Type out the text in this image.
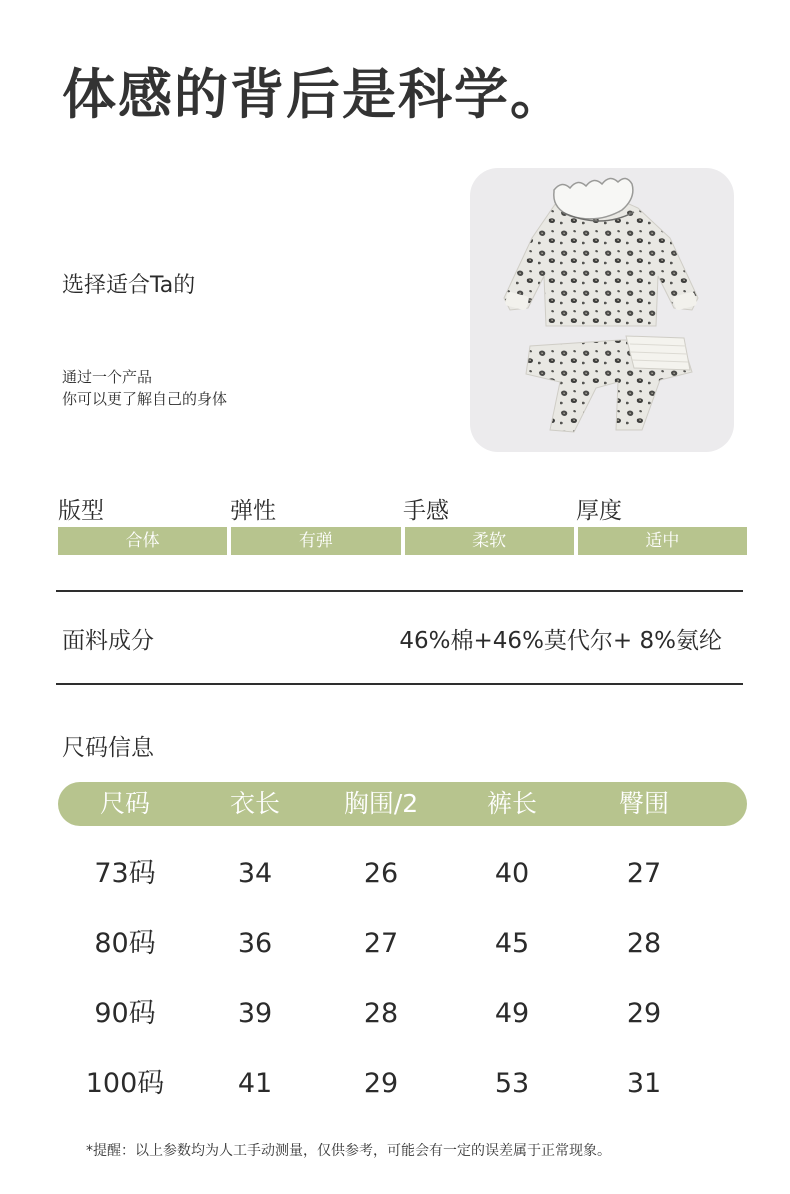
体感的背后是科学。
选择适合Ta的
通过一个产品
你可以更了解自己的身体
版型	弹性	手感	厚度
合体	有弹	柔软	适中
面料成分	46%棉+46%莫代尔+ 8%氨纶
尺码信息
尺码	衣长	胸围/2	裤长	臀围
73码	34	26	40	27
80码	36	27	45	28
90码	39	28	49	29
100码	41	29	53	31
*提醒：以上参数均为人工手动测量，仅供参考，可能会有一定的误差属于正常现象。
